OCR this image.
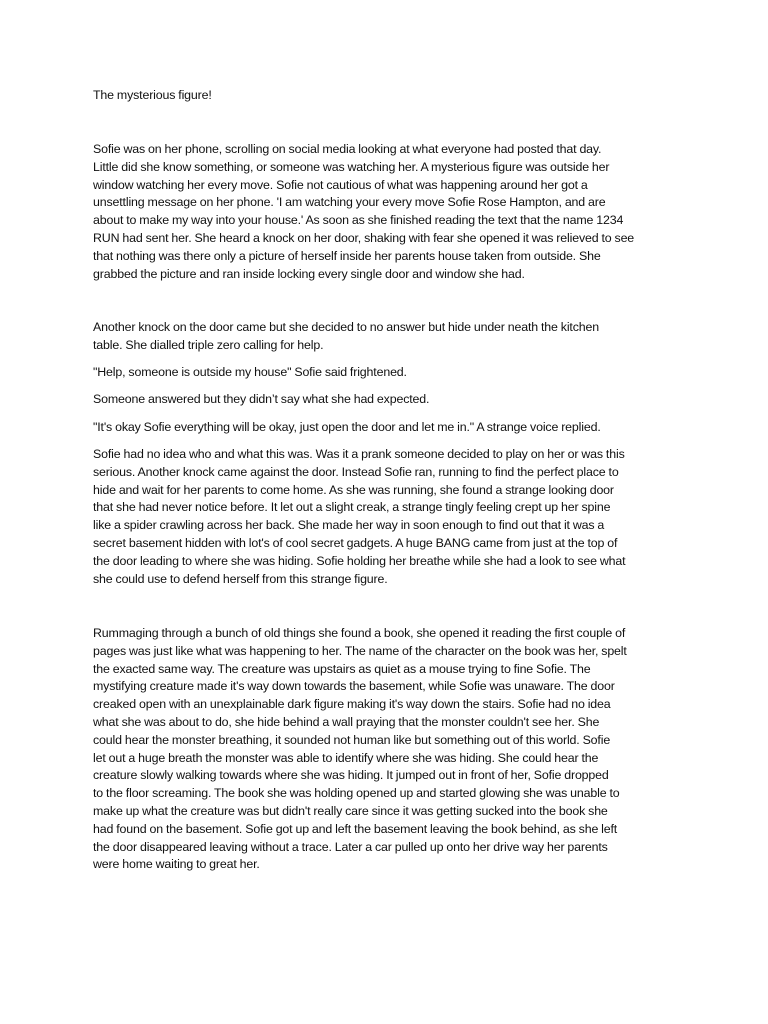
The mysterious figure!
Sofie was on her phone, scrolling on social media looking at what everyone had posted that day.
Little did she know something, or someone was watching her. A mysterious figure was outside her
window watching her every move. Sofie not cautious of what was happening around her got a
unsettling message on her phone. 'I am watching your every move Sofie Rose Hampton, and are
about to make my way into your house.' As soon as she finished reading the text that the name 1234
RUN had sent her. She heard a knock on her door, shaking with fear she opened it was relieved to see
that nothing was there only a picture of herself inside her parents house taken from outside. She
grabbed the picture and ran inside locking every single door and window she had.
Another knock on the door came but she decided to no answer but hide under neath the kitchen
table. She dialled triple zero calling for help.
"Help, someone is outside my house" Sofie said frightened.
Someone answered but they didn’t say what she had expected.
"It's okay Sofie everything will be okay, just open the door and let me in." A strange voice replied.
Sofie had no idea who and what this was. Was it a prank someone decided to play on her or was this
serious. Another knock came against the door. Instead Sofie ran, running to find the perfect place to
hide and wait for her parents to come home. As she was running, she found a strange looking door
that she had never notice before. It let out a slight creak, a strange tingly feeling crept up her spine
like a spider crawling across her back. She made her way in soon enough to find out that it was a
secret basement hidden with lot's of cool secret gadgets. A huge BANG came from just at the top of
the door leading to where she was hiding. Sofie holding her breathe while she had a look to see what
she could use to defend herself from this strange figure.
Rummaging through a bunch of old things she found a book, she opened it reading the first couple of
pages was just like what was happening to her. The name of the character on the book was her, spelt
the exacted same way. The creature was upstairs as quiet as a mouse trying to fine Sofie. The
mystifying creature made it's way down towards the basement, while Sofie was unaware. The door
creaked open with an unexplainable dark figure making it's way down the stairs. Sofie had no idea
what she was about to do, she hide behind a wall praying that the monster couldn't see her. She
could hear the monster breathing, it sounded not human like but something out of this world. Sofie
let out a huge breath the monster was able to identify where she was hiding. She could hear the
creature slowly walking towards where she was hiding. It jumped out in front of her, Sofie dropped
to the floor screaming. The book she was holding opened up and started glowing she was unable to
make up what the creature was but didn't really care since it was getting sucked into the book she
had found on the basement. Sofie got up and left the basement leaving the book behind, as she left
the door disappeared leaving without a trace. Later a car pulled up onto her drive way her parents
were home waiting to great her.
